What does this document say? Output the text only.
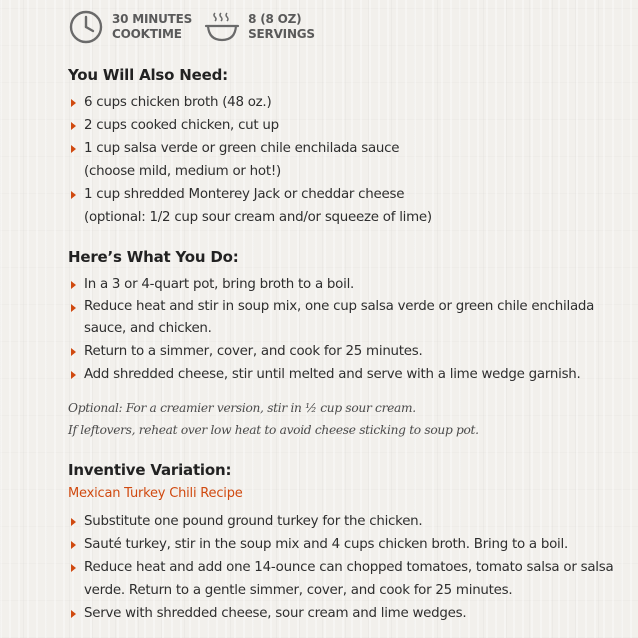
30 MINUTES
COOKTIME
8 (8 OZ)
SERVINGS
You Will Also Need:
6 cups chicken broth (48 oz.)
2 cups cooked chicken, cut up
1 cup salsa verde or green chile enchilada sauce
(choose mild, medium or hot!)
1 cup shredded Monterey Jack or cheddar cheese
(optional: 1/2 cup sour cream and/or squeeze of lime)
Here’s What You Do:
In a 3 or 4-quart pot, bring broth to a boil.
Reduce heat and stir in soup mix, one cup salsa verde or green chile enchilada sauce, and chicken.
Return to a simmer, cover, and cook for 25 minutes.
Add shredded cheese, stir until melted and serve with a lime wedge garnish.

Optional: For a creamier version, stir in ½ cup sour cream.

If leftovers, reheat over low heat to avoid cheese sticking to soup pot.

Inventive Variation:
Mexican Turkey Chili Recipe
Substitute one pound ground turkey for the chicken.
Sauté turkey, stir in the soup mix and 4 cups chicken broth. Bring to a boil.
Reduce heat and add one 14-ounce can chopped tomatoes, tomato salsa or salsa verde. Return to a gentle simmer, cover, and cook for 25 minutes.
Serve with shredded cheese, sour cream and lime wedges.
